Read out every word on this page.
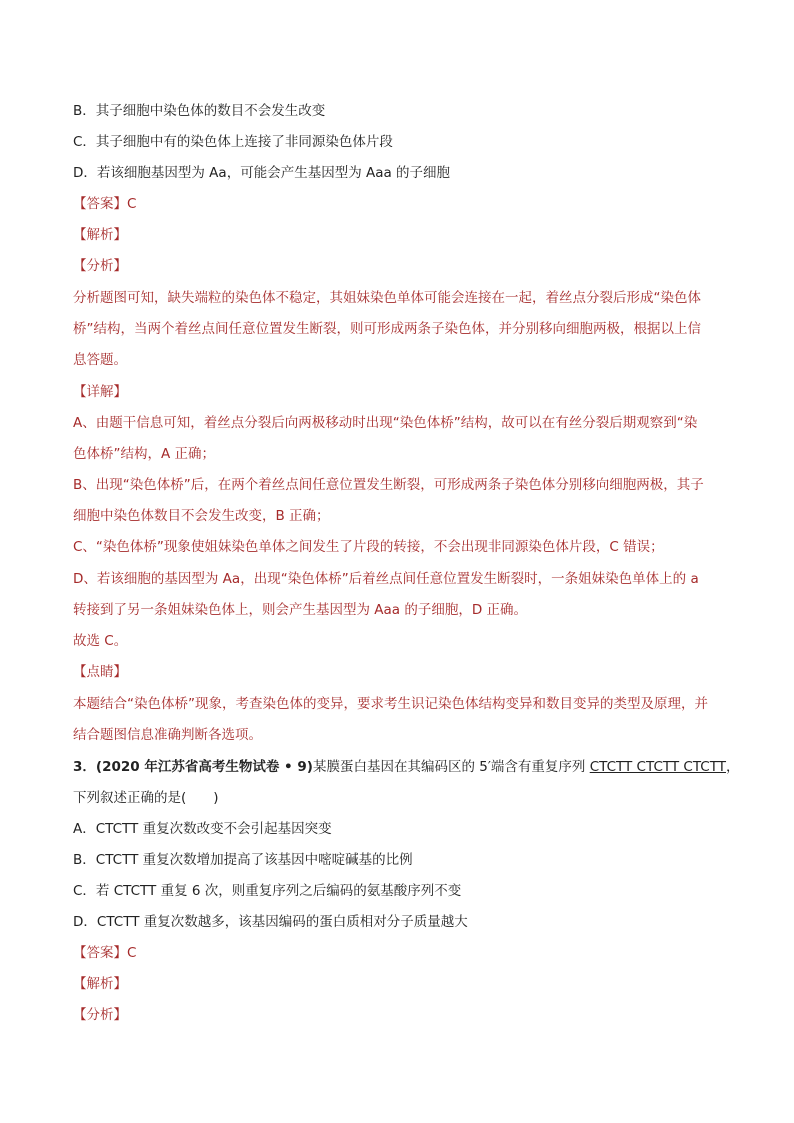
B．其子细胞中染色体的数目不会发生改变
C．其子细胞中有的染色体上连接了非同源染色体片段
D．若该细胞基因型为 Aa，可能会产生基因型为 Aaa 的子细胞
【答案】C
【解析】
【分析】
分析题图可知，缺失端粒的染色体不稳定，其姐妹染色单体可能会连接在一起，着丝点分裂后形成“染色体
桥”结构，当两个着丝点间任意位置发生断裂，则可形成两条子染色体，并分别移向细胞两极，根据以上信
息答题。
【详解】
A、由题干信息可知，着丝点分裂后向两极移动时出现“染色体桥”结构，故可以在有丝分裂后期观察到“染
色体桥”结构，A 正确；
B、出现“染色体桥”后，在两个着丝点间任意位置发生断裂，可形成两条子染色体分别移向细胞两极，其子
细胞中染色体数目不会发生改变，B 正确；
C、“染色体桥”现象使姐妹染色单体之间发生了片段的转接，不会出现非同源染色体片段，C 错误；
D、若该细胞的基因型为 Aa，出现“染色体桥”后着丝点间任意位置发生断裂时，一条姐妹染色单体上的 a
转接到了另一条姐妹染色体上，则会产生基因型为 Aaa 的子细胞，D 正确。
故选 C。
【点睛】
本题结合“染色体桥”现象，考查染色体的变异，要求考生识记染色体结构变异和数目变异的类型及原理，并
结合题图信息准确判断各选项。
3．(2020 年江苏省高考生物试卷 • 9)某膜蛋白基因在其编码区的 5′端含有重复序列 CTCTT CTCTT CTCTT，
下列叙述正确的是(　　)
A．CTCTT 重复次数改变不会引起基因突变
B．CTCTT 重复次数增加提高了该基因中嘧啶碱基的比例
C．若 CTCTT 重复 6 次，则重复序列之后编码的氨基酸序列不变
D．CTCTT 重复次数越多，该基因编码的蛋白质相对分子质量越大
【答案】C
【解析】
【分析】
